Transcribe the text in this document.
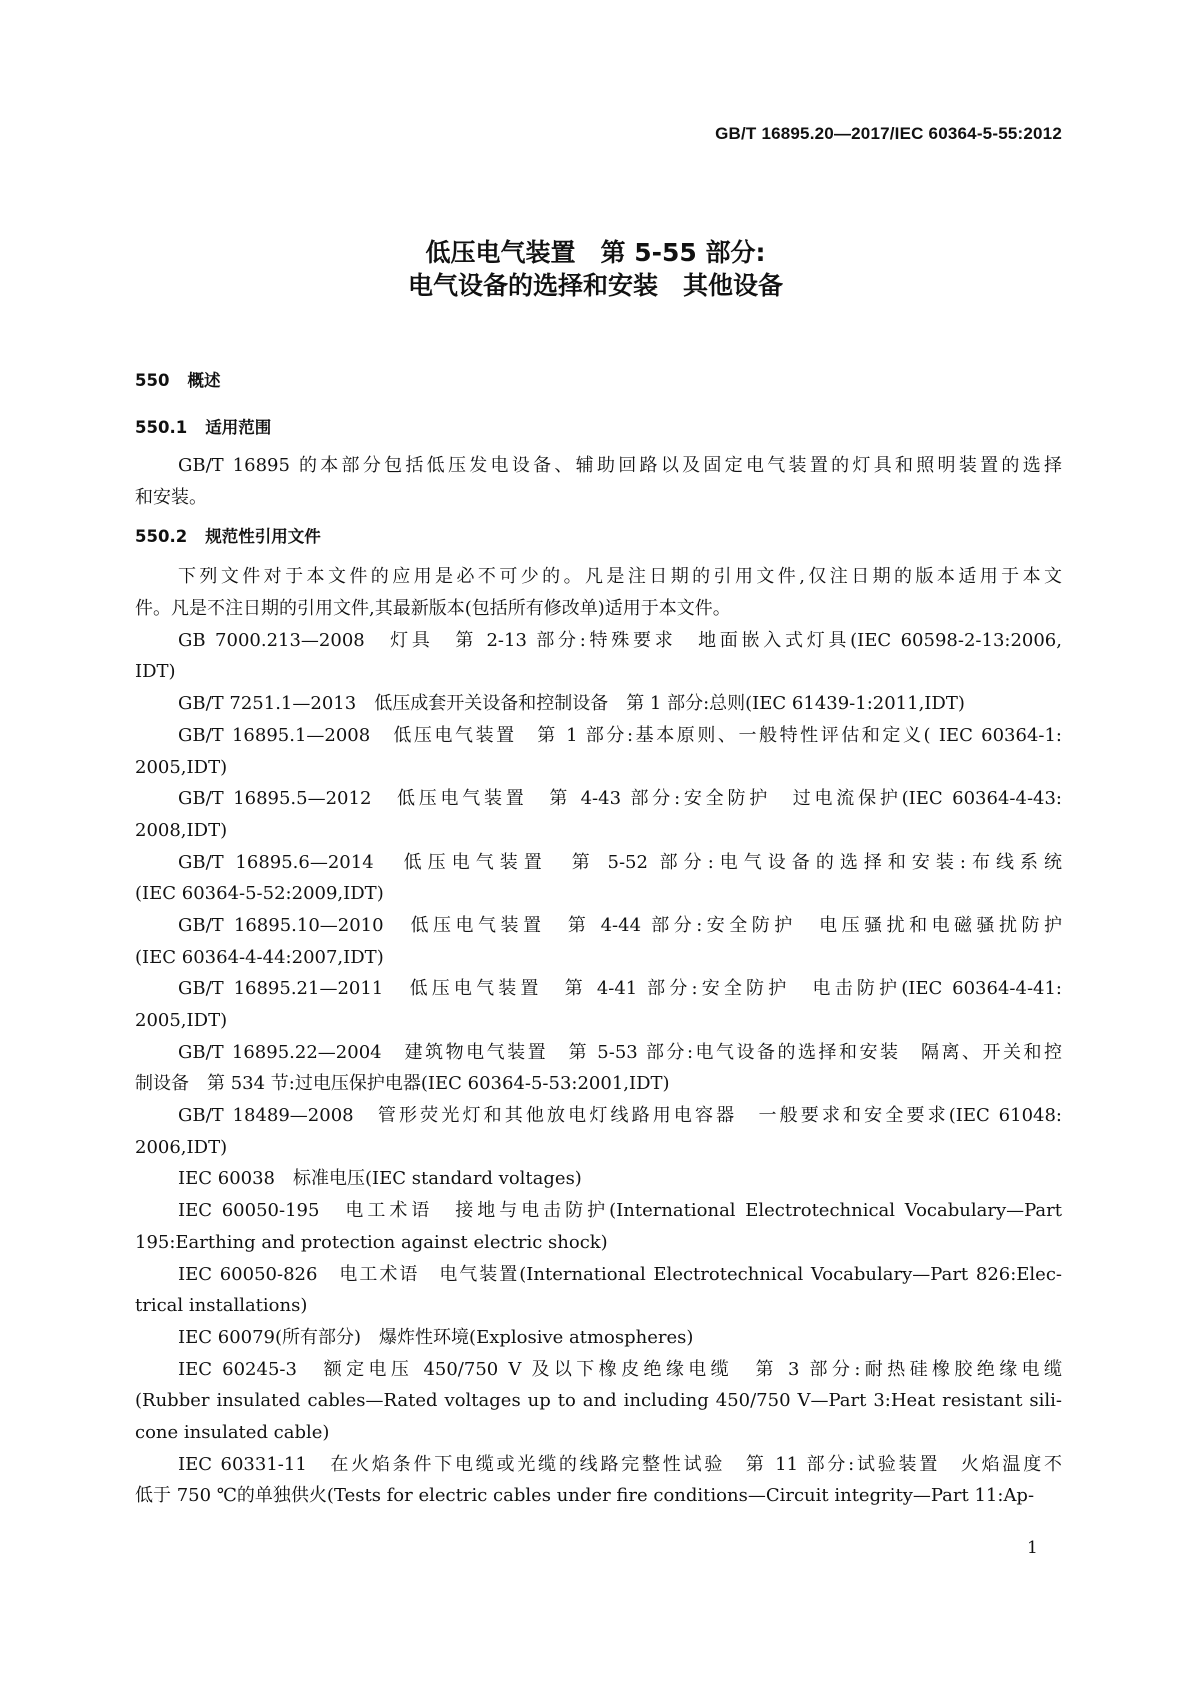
GB/T 16895.20—2017/IEC 60364-5-55:2012
低压电气装置　第 5-55 部分:
电气设备的选择和安装　其他设备
550 概述
550.1 适用范围
GB/T 16895 的本部分包括低压发电设备、辅助回路以及固定电气装置的灯具和照明装置的选择
和安装。
550.2 规范性引用文件
下列文件对于本文件的应用是必不可少的。凡是注日期的引用文件,仅注日期的版本适用于本文
件。凡是不注日期的引用文件,其最新版本(包括所有修改单)适用于本文件。
GB 7000.213—2008　灯具　第 2-13 部分:特殊要求　地面嵌入式灯具(IEC 60598-2-13:2006,
IDT)
GB/T 7251.1—2013　低压成套开关设备和控制设备　第 1 部分:总则(IEC 61439-1:2011,IDT)
GB/T 16895.1—2008　低压电气装置　第 1 部分:基本原则、一般特性评估和定义( IEC 60364-1:
2005,IDT)
GB/T 16895.5—2012　低压电气装置　第 4-43 部分:安全防护　过电流保护(IEC 60364-4-43:
2008,IDT)
GB/T 16895.6—2014　低压电气装置　第 5-52 部分:电气设备的选择和安装:布线系统
(IEC 60364-5-52:2009,IDT)
GB/T 16895.10—2010　低压电气装置　第 4-44 部分:安全防护　电压骚扰和电磁骚扰防护
(IEC 60364-4-44:2007,IDT)
GB/T 16895.21—2011　低压电气装置　第 4-41 部分:安全防护　电击防护(IEC 60364-4-41:
2005,IDT)
GB/T 16895.22—2004　建筑物电气装置　第 5-53 部分:电气设备的选择和安装　隔离、开关和控
制设备　第 534 节:过电压保护电器(IEC 60364-5-53:2001,IDT)
GB/T 18489—2008　管形荧光灯和其他放电灯线路用电容器　一般要求和安全要求(IEC 61048:
2006,IDT)
IEC 60038　标准电压(IEC standard voltages)
IEC 60050-195　电工术语　接地与电击防护(International Electrotechnical Vocabulary—Part
195:Earthing and protection against electric shock)
IEC 60050-826　电工术语　电气装置(International Electrotechnical Vocabulary—Part 826:Elec-
trical installations)
IEC 60079(所有部分)　爆炸性环境(Explosive atmospheres)
IEC 60245-3　额定电压 450/750 V 及以下橡皮绝缘电缆　第 3 部分:耐热硅橡胶绝缘电缆
(Rubber insulated cables—Rated voltages up to and including 450/750 V—Part 3:Heat resistant sili-
cone insulated cable)
IEC 60331-11　在火焰条件下电缆或光缆的线路完整性试验　第 11 部分:试验装置　火焰温度不
低于 750 ℃的单独供火(Tests for electric cables under fire conditions—Circuit integrity—Part 11:Ap-
1
